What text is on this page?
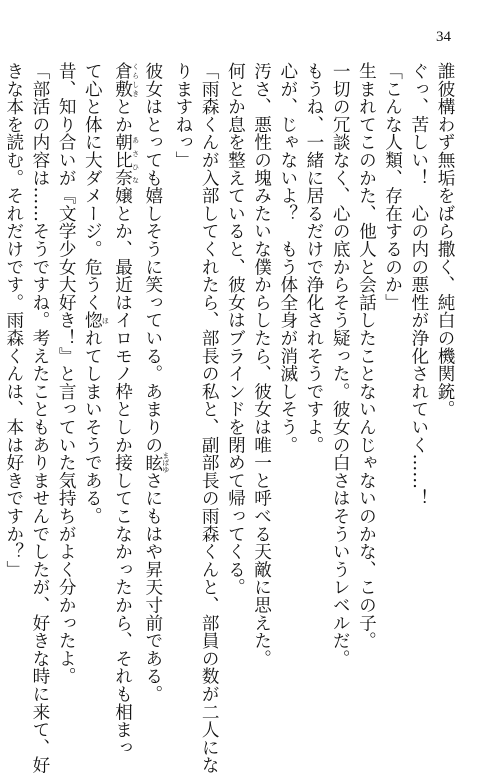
34

誰彼構わず無垢をばら撒く、純白の機関銃。

ぐっ、苦しい！　心の内の悪性が浄化されていく……！

「こんな人類、存在するのか」

生まれてこのかた、他人と会話したことないんじゃないのかな、この子。

一切の冗談なく、心の底からそう疑った。彼女の白さはそういうレベルだ。

もうね、一緒に居るだけで浄化されそうですよ。

心が、じゃないよ？　もう体全身が消滅しそう。

汚さ、悪性の塊みたいな僕からしたら、彼女は唯一と呼べる天敵に思えた。

何とか息を整えていると、彼女はブラインドを閉めて帰ってくる。

「雨森くんが入部してくれたら、部長の私と、副部長の雨森くんと、部員の数が二人にな

りますねっ」

彼女はとっても嬉しそうに笑っている。あまりの眩 まばゆさにもはや昇天寸前である。

倉敷 くらしきとか朝比奈 あさひな嬢とか、最近はイロモノ枠としか接してこなかったから、それも相まっ

て心と体に大ダメージ。危うく惚 ほれてしまいそうである。

昔、知り合いが『文学少女大好き！』と言っていた気持ちがよく分かったよ。

「部活の内容は……そうですね。考えたこともありませんでしたが、好きな時に来て、好

きな本を読む。それだけです。雨森くんは、本は好きですか？」
